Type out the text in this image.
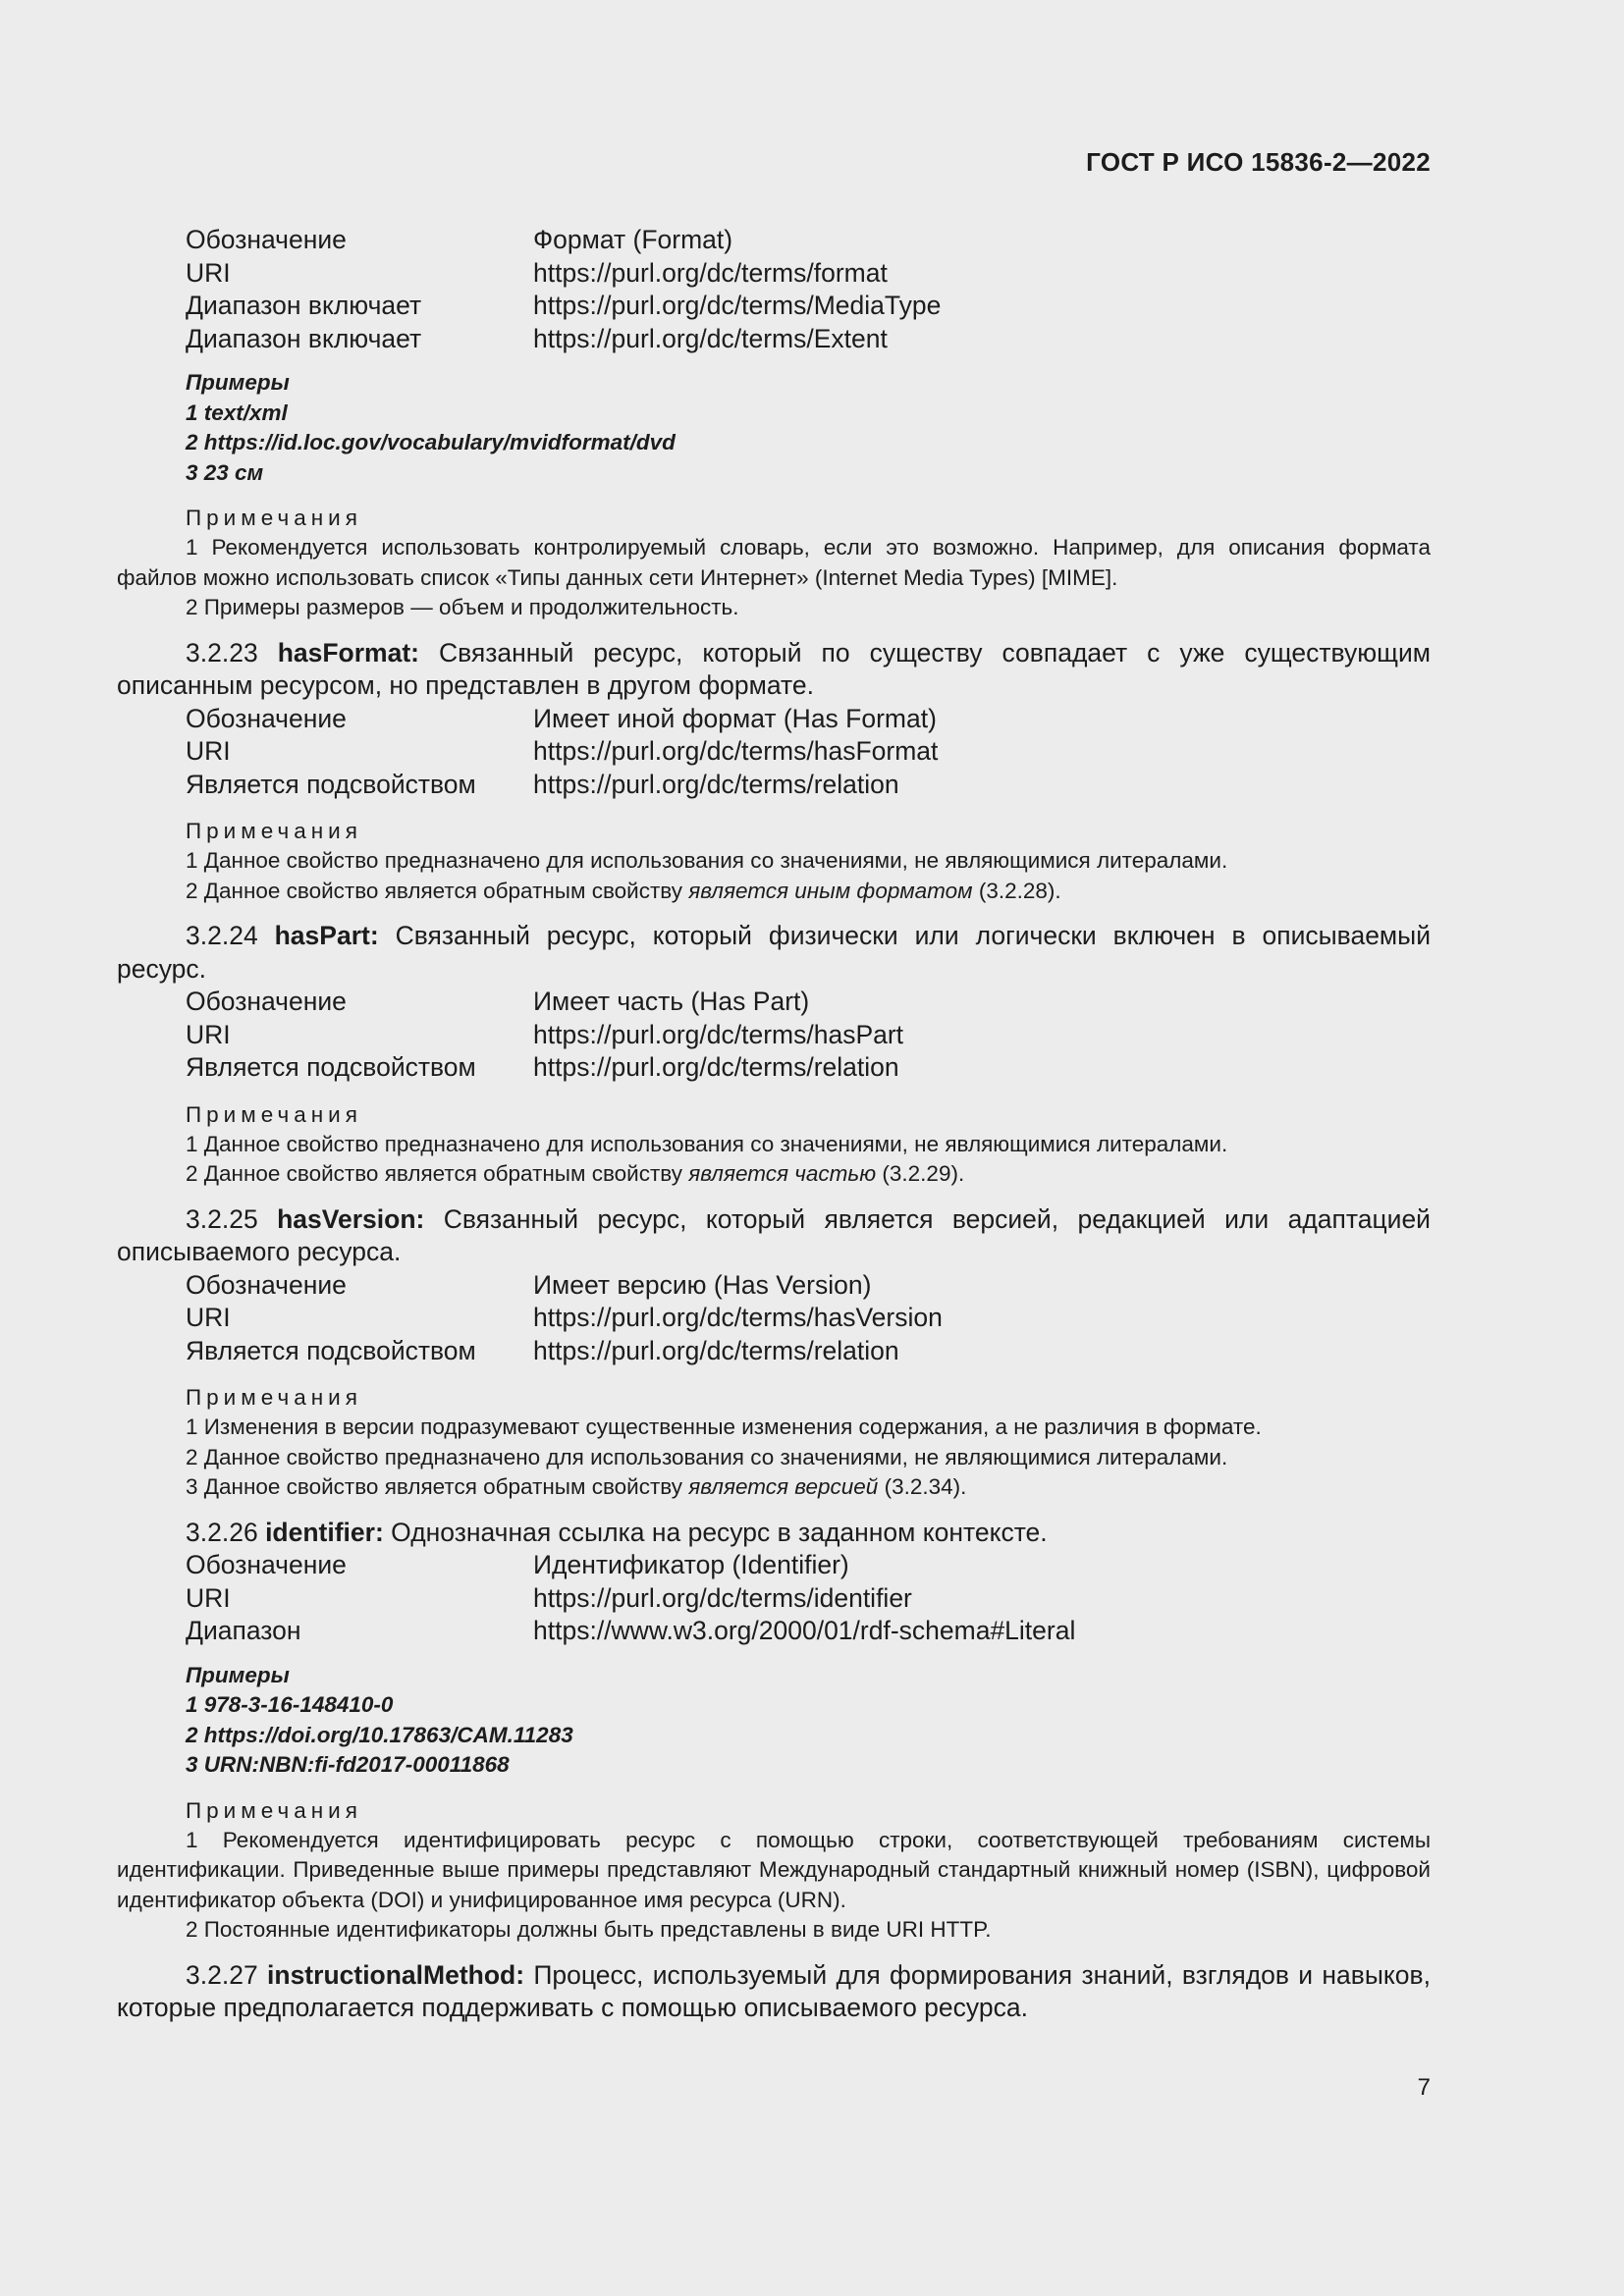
ГОСТ Р ИСО 15836-2—2022
Обозначение	Формат (Format)
URI	https://purl.org/dc/terms/format
Диапазон включает	https://purl.org/dc/terms/MediaType
Диапазон включает	https://purl.org/dc/terms/Extent
Примеры
1 text/xml
2 https://id.loc.gov/vocabulary/mvidformat/dvd
3 23 см
Примечания
1 Рекомендуется использовать контролируемый словарь, если это возможно. Например, для описания формата файлов можно использовать список «Типы данных сети Интернет» (Internet Media Types) [MIME].
2 Примеры размеров — объем и продолжительность.
3.2.23 hasFormat: Связанный ресурс, который по существу совпадает с уже существующим описанным ресурсом, но представлен в другом формате.
Обозначение	Имеет иной формат (Has Format)
URI	https://purl.org/dc/terms/hasFormat
Является подсвойством https://purl.org/dc/terms/relation
Примечания
1 Данное свойство предназначено для использования со значениями, не являющимися литералами.
2 Данное свойство является обратным свойству является иным форматом (3.2.28).
3.2.24 hasPart: Связанный ресурс, который физически или логически включен в описываемый ресурс.
Обозначение	Имеет часть (Has Part)
URI	https://purl.org/dc/terms/hasPart
Является подсвойством https://purl.org/dc/terms/relation
Примечания
1 Данное свойство предназначено для использования со значениями, не являющимися литералами.
2 Данное свойство является обратным свойству является частью (3.2.29).
3.2.25 hasVersion: Связанный ресурс, который является версией, редакцией или адаптацией описываемого ресурса.
Обозначение	Имеет версию (Has Version)
URI	https://purl.org/dc/terms/hasVersion
Является подсвойством https://purl.org/dc/terms/relation
Примечания
1 Изменения в версии подразумевают существенные изменения содержания, а не различия в формате.
2 Данное свойство предназначено для использования со значениями, не являющимися литералами.
3 Данное свойство является обратным свойству является версией (3.2.34).
3.2.26 identifier: Однозначная ссылка на ресурс в заданном контексте.
Обозначение	Идентификатор (Identifier)
URI	https://purl.org/dc/terms/identifier
Диапазон	https://www.w3.org/2000/01/rdf-schema#Literal
Примеры
1 978-3-16-148410-0
2 https://doi.org/10.17863/CAM.11283
3 URN:NBN:fi-fd2017-00011868
Примечания
1 Рекомендуется идентифицировать ресурс с помощью строки, соответствующей требованиям системы идентификации. Приведенные выше примеры представляют Международный стандартный книжный номер (ISBN), цифровой идентификатор объекта (DOI) и унифицированное имя ресурса (URN).
2 Постоянные идентификаторы должны быть представлены в виде URI HTTP.
3.2.27 instructionalMethod: Процесс, используемый для формирования знаний, взглядов и навыков, которые предполагается поддерживать с помощью описываемого ресурса.
7
